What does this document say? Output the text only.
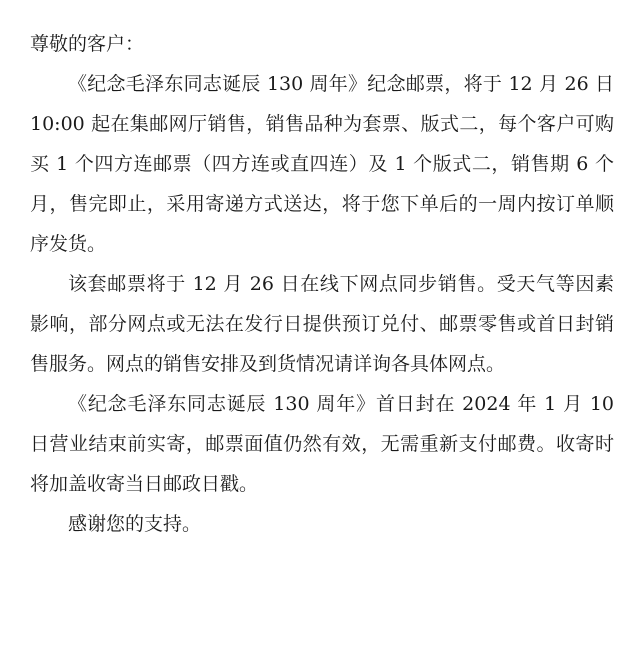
尊敬的客户：

《纪念毛泽东同志诞辰 130 周年》纪念邮票，将于 12 月 26 日 10:00 起在集邮网厅销售，销售品种为套票、版式二，每个客户可购买 1 个四方连邮票（四方连或直四连）及 1 个版式二，销售期 6 个月，售完即止，采用寄递方式送达，将于您下单后的一周内按订单顺序发货。

该套邮票将于 12 月 26 日在线下网点同步销售。受天气等因素影响，部分网点或无法在发行日提供预订兑付、邮票零售或首日封销售服务。网点的销售安排及到货情况请详询各具体网点。

《纪念毛泽东同志诞辰 130 周年》首日封在 2024 年 1 月 10 日营业结束前实寄，邮票面值仍然有效，无需重新支付邮费。收寄时将加盖收寄当日邮政日戳。

感谢您的支持。
